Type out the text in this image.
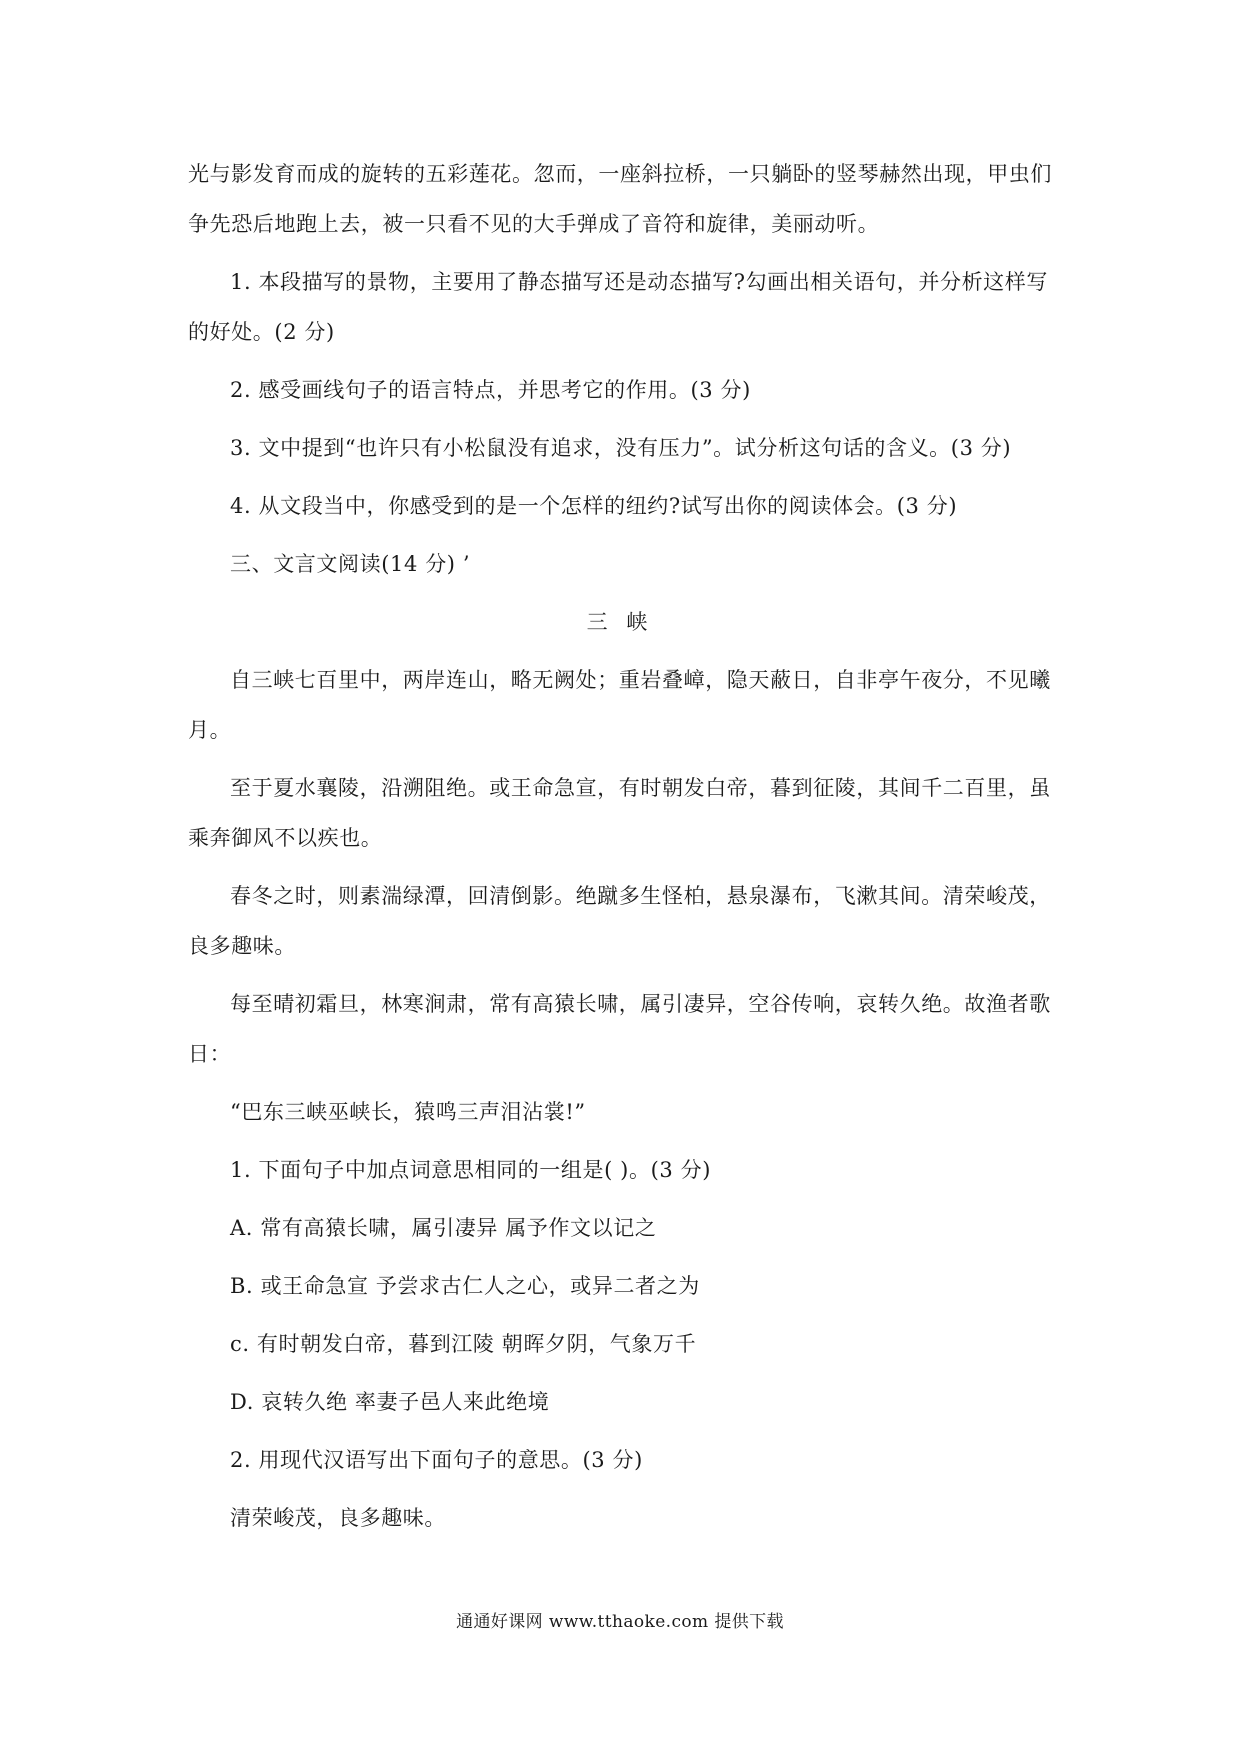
光与影发育而成的旋转的五彩莲花。忽而，一座斜拉桥，一只躺卧的竖琴赫然出现，甲虫们
争先恐后地跑上去，被一只看不见的大手弹成了音符和旋律，美丽动听。
1. 本段描写的景物，主要用了静态描写还是动态描写?勾画出相关语句，并分析这样写
的好处。(2 分)
2. 感受画线句子的语言特点，并思考它的作用。(3 分)
3. 文中提到“也许只有小松鼠没有追求，没有压力”。试分析这句话的含义。(3 分)
4. 从文段当中，你感受到的是一个怎样的纽约?试写出你的阅读体会。(3 分)
三、文言文阅读(14 分) ’
三 峡
自三峡七百里中，两岸连山，略无阙处；重岩叠嶂，隐天蔽日，自非亭午夜分，不见曦
月。
至于夏水襄陵，沿溯阻绝。或王命急宣，有时朝发白帝，暮到征陵，其间千二百里，虽
乘奔御风不以疾也。
春冬之时，则素湍绿潭，回清倒影。绝蹴多生怪柏，悬泉瀑布，飞漱其间。清荣峻茂，
良多趣味。
每至晴初霜旦，林寒涧肃，常有高猿长啸，属引凄异，空谷传响，哀转久绝。故渔者歌
日：
“巴东三峡巫峡长，猿鸣三声泪沾裳!”
1. 下面句子中加点词意思相同的一组是( )。(3 分)
A. 常有高猿长啸，属引凄异 属予作文以记之
B. 或王命急宣 予尝求古仁人之心，或异二者之为
c. 有时朝发白帝，暮到江陵 朝晖夕阴，气象万千
D. 哀转久绝 率妻子邑人来此绝境
2. 用现代汉语写出下面句子的意思。(3 分)
清荣峻茂，良多趣味。
通通好课网 www.tthaoke.com 提供下载
